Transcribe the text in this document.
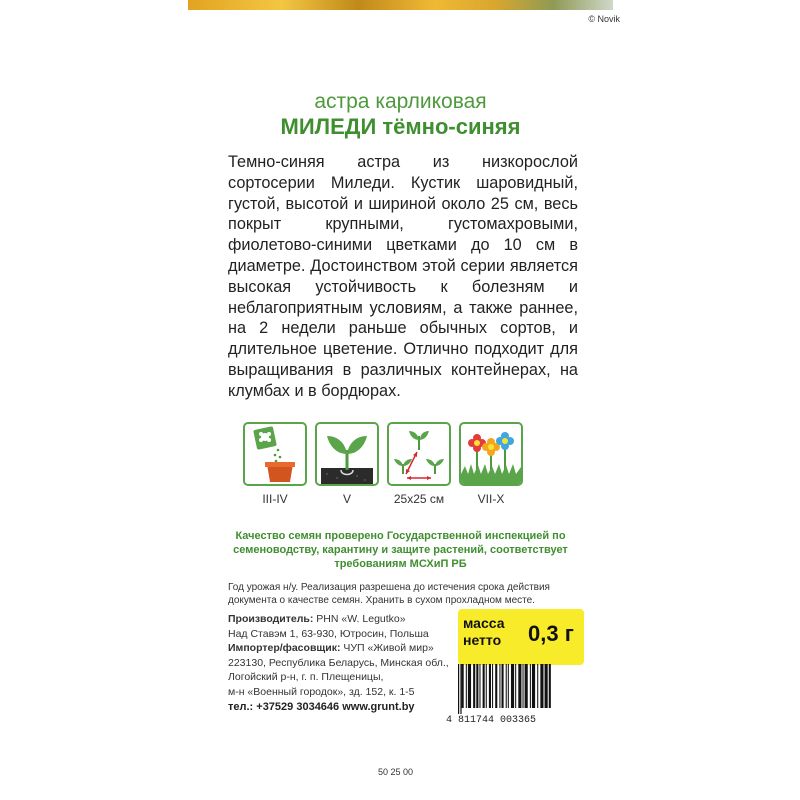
© Novik
астра карликовая
МИЛЕДИ тёмно-синяя
Темно-синяя астра из низкорослой сортосерии Миледи. Кустик шаровидный, густой, высотой и шириной около 25 см, весь покрыт крупными, густомахровыми, фиолетово-синими цветками до 10 см в диаметре. Достоинством этой серии является высокая устойчивость к болезням и неблагоприятным условиям, а также раннее, на 2 недели раньше обычных сортов, и длительное цветение. Отлично подходит для выращивания в различных контейнерах, на клумбах и в бордюрах.
III-IV	V	25x25 см	VII-X
Качество семян проверено Государственной инспекцией по семеноводству, карантину и защите растений, соответствует требованиям МСХиП РБ
Год урожая н/у. Реализация разрешена до истечения срока действия документа о качестве семян. Хранить в сухом прохладном месте.
Производитель: PHN «W. Legutko»
Над Ставэм 1, 63-930, Ютросин, Польша
Импортер/фасовщик: ЧУП «Живой мир»
223130, Республика Беларусь, Минская обл.,
Логойский р-н, г. п. Плещеницы,
м-н «Военный городок», зд. 152, к. 1-5
масса
нетто 0,3 г
тел.: +37529 3034646 www.grunt.by
4 811744 003365
50 25 00
